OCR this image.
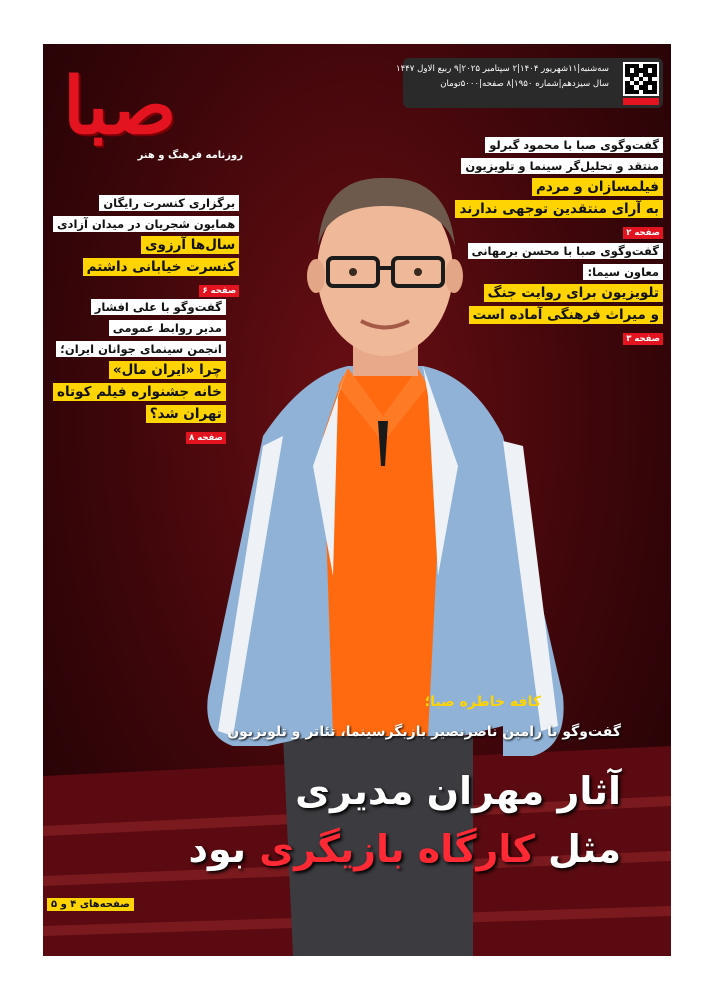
صبا
روزنامه فرهنگ و هنر
سه‌شنبه|۱۱شهریور ۱۴۰۴|۲ سپتامبر ۲۰۲۵|۹ ربیع الاول ۱۴۴۷
سال سیزدهم|شماره ۱۹۵۰|۸ صفحه|۵۰۰۰تومان
برگزاری کنسرت رایگان
همایون شجریان در میدان آزادی
سال‌ها آرزوی
کنسرت خیابانی داشتم
صفحه ۶
گفت‌وگو با علی افشار
مدیر روابط عمومی
انجمن سینمای جوانان ایران؛
چرا «ایران مال»
خانه جشنواره فیلم کوتاه
تهران شد؟
صفحه ۸
گفت‌وگوی صبا با محمود گبرلو
منتقد و تحلیل‌گر سینما و تلویزیون
فیلمسازان و مردم
به آرای منتقدین توجهی ندارند
صفحه ۲
گفت‌وگوی صبا با محسن برمهانی
معاون سیما:
تلویزیون برای روایت جنگ
و میراث فرهنگی آماده است
صفحه ۳
کافه خاطره صبا؛
گفت‌وگو با رامین ناصرنصیر بازیگرسینما، تئاتر و تلویزیون
آثار مهران مدیری
مثل کارگاه بازیگری بود
صفحه‌های ۴ و ۵
